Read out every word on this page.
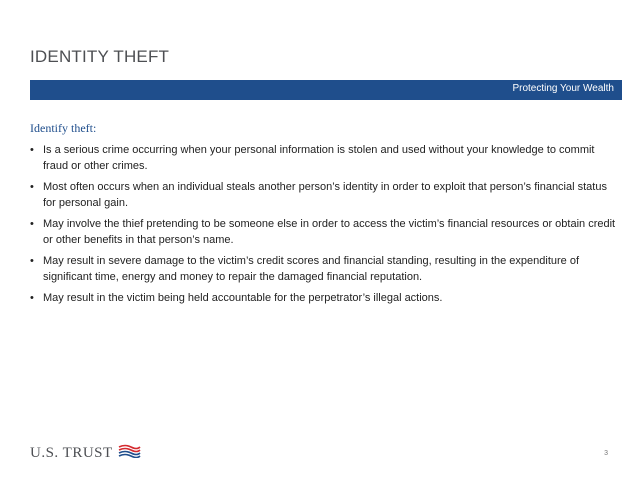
IDENTITY THEFT
Protecting Your Wealth
Identify theft:
• Is a serious crime occurring when your personal information is stolen and used without your knowledge to commit fraud or other crimes.
• Most often occurs when an individual steals another person’s identity in order to exploit that person’s financial status for personal gain.
• May involve the thief pretending to be someone else in order to access the victim’s financial resources or obtain credit or other benefits in that person’s name.
• May result in severe damage to the victim’s credit scores and financial standing, resulting in the expenditure of significant time, energy and money to repair the damaged financial reputation.
• May result in the victim being held accountable for the perpetrator’s illegal actions.
U.S. TRUST	3
